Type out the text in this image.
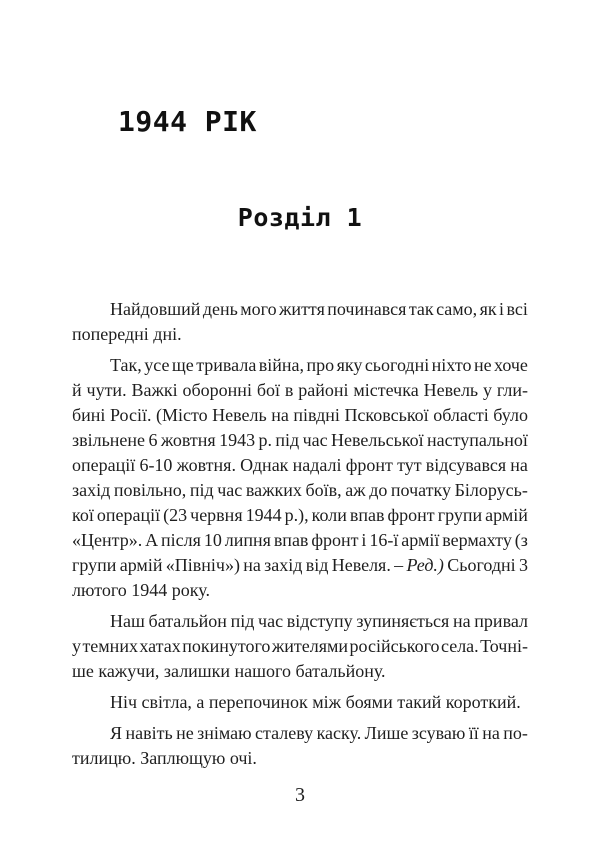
1944 РІК
Розділ 1
Найдовший день мого життя починався так само, як і всі
попередні дні.
Так, усе ще тривала війна, про яку сьогодні ніхто не хоче
й чути. Важкі оборонні бої в районі містечка Невель у гли-
бині Росії. (Місто Невель на півдні Псковської області було
звільнене 6 жовтня 1943 р. під час Невельської наступальної
операції 6-10 жовтня. Однак надалі фронт тут відсувався на
захід повільно, під час важких боїв, аж до початку Білорусь-
кої операції (23 червня 1944 р.), коли впав фронт групи армій
«Центр». А після 10 липня впав фронт і 16-ї армії вермахту (з
групи армій «Північ») на захід від Невеля. – Ред.) Сьогодні 3
лютого 1944 року.
Наш батальйон під час відступу зупиняється на привал
у темних хатах покинутого жителями російського села. Точні-
ше кажучи, залишки нашого батальйону.
Ніч світла, а перепочинок між боями такий короткий.
Я навіть не знімаю сталеву каску. Лише зсуваю її на по-
тилицю. Заплющую очі.
3
